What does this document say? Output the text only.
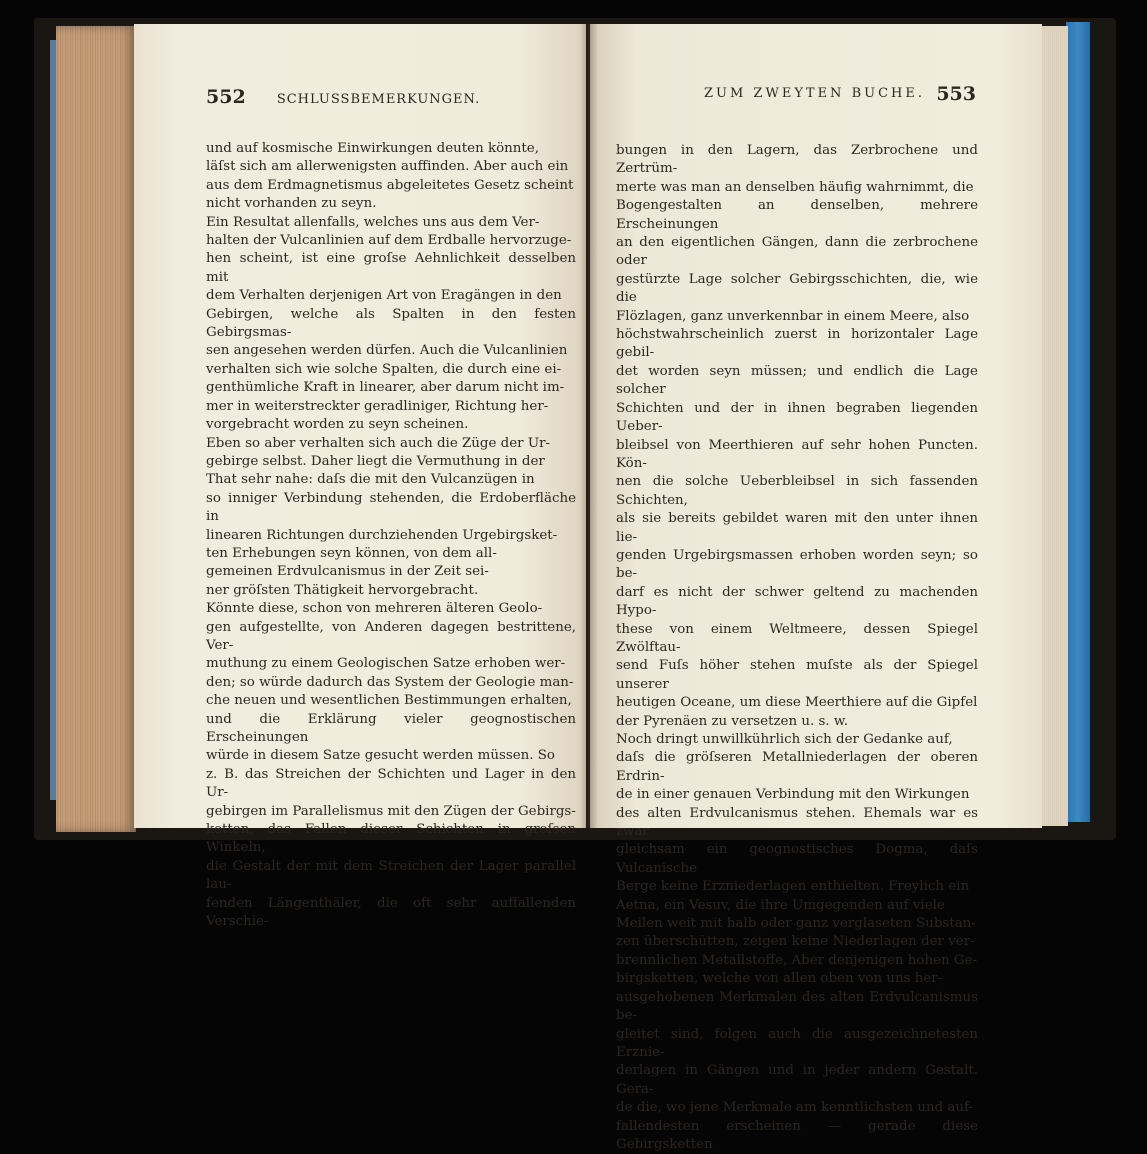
552 SCHLUSSBEMERKUNGEN.

und auf kosmische Einwirkungen deuten könnte,
läſst sich am allerwenigsten auffinden. Aber auch ein
aus dem Erdmagnetismus abgeleitetes Gesetz scheint
nicht vorhanden zu seyn.
Ein Resultat allenfalls, welches uns aus dem Ver-
halten der Vulcanlinien auf dem Erdballe hervorzuge-
hen scheint, ist eine groſse Aehnlichkeit desselben mit
dem Verhalten derjenigen Art von Eragängen in den
Gebirgen, welche als Spalten in den festen Gebirgsmas-
sen angesehen werden dürfen. Auch die Vulcanlinien
verhalten sich wie solche Spalten, die durch eine ei-
genthümliche Kraft in linearer, aber darum nicht im-
mer in weiterstreckter geradliniger, Richtung her-
vorgebracht worden zu seyn scheinen.
Eben so aber verhalten sich auch die Züge der Ur-
gebirge selbst. Daher liegt die Vermuthung in der
That sehr nahe: daſs die mit den Vulcanzügen in
so inniger Verbindung stehenden, die Erdoberfläche in
linearen Richtungen durchziehenden Urgebirgsket-
ten Erhebungen seyn können, von dem all-
gemeinen Erdvulcanismus in der Zeit sei-
ner gröſsten Thätigkeit hervorgebracht.
Könnte diese, schon von mehreren älteren Geolo-
gen aufgestellte, von Anderen dagegen bestrittene, Ver-
muthung zu einem Geologischen Satze erhoben wer-
den; so würde dadurch das System der Geologie man-
che neuen und wesentlichen Bestimmungen erhalten,
und die Erklärung vieler geognostischen Erscheinungen
würde in diesem Satze gesucht werden müssen. So
z. B. das Streichen der Schichten und Lager in den Ur-
gebirgen im Parallelismus mit den Zügen der Gebirgs-
ketten, das Fallen dieser Schichten in groſsen Winkeln,
die Gestalt der mit dem Streichen der Lager parallel lau-
fenden Längenthäler, die oft sehr auffallenden Verschie-

ZUM ZWEYTEN BUCHE. 553

bungen in den Lagern, das Zerbrochene und Zertrüm-
merte was man an denselben häufig wahrnimmt, die
Bogengestalten an denselben, mehrere Erscheinungen
an den eigentlichen Gängen, dann die zerbrochene oder
gestürzte Lage solcher Gebirgsschichten, die, wie die
Flözlagen, ganz unverkennbar in einem Meere, also
höchstwahrscheinlich zuerst in horizontaler Lage gebil-
det worden seyn müssen; und endlich die Lage solcher
Schichten und der in ihnen begraben liegenden Ueber-
bleibsel von Meerthieren auf sehr hohen Puncten. Kön-
nen die solche Ueberbleibsel in sich fassenden Schichten,
als sie bereits gebildet waren mit den unter ihnen lie-
genden Urgebirgsmassen erhoben worden seyn; so be-
darf es nicht der schwer geltend zu machenden Hypo-
these von einem Weltmeere, dessen Spiegel Zwölftau-
send Fuſs höher stehen muſste als der Spiegel unserer
heutigen Oceane, um diese Meerthiere auf die Gipfel
der Pyrenäen zu versetzen u. s. w.
Noch dringt unwillkührlich sich der Gedanke auf,
daſs die gröſseren Metallniederlagen der oberen Erdrin-
de in einer genauen Verbindung mit den Wirkungen
des alten Erdvulcanismus stehen. Ehemals war es zwar
gleichsam ein geognostisches Dogma, daſs Vulcanische
Berge keine Erzniederlagen enthielten. Freylich ein
Aetna, ein Vesuv, die ihre Umgegenden auf viele
Meilen weit mit halb oder ganz verglaseten Substan-
zen überschütten, zeigen keine Niederlagen der ver-
brennlichen Metallstoffe, Aber denjenigen hohen Ge-
birgsketten, welche von allen oben von uns her-
ausgehobenen Merkmalen des alten Erdvulcanismus be-
gleitet sind, folgen auch die ausgezeichnetesten Erznie-
derlagen in Gängen und in jeder andern Gestalt. Gera-
de die, wo jene Merkmale am kenntlichsten und auf-
fallendesten erscheinen — gerade diese Gebirgsketten
